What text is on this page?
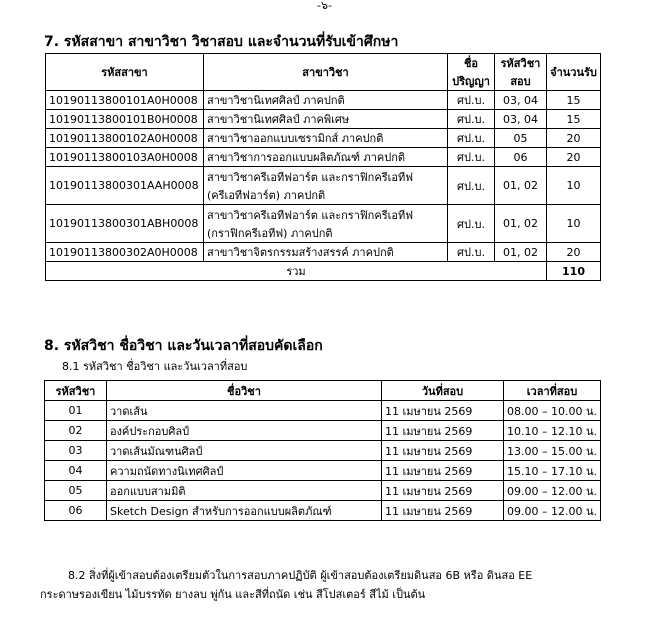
-๖-
7. รหัสสาขา สาขาวิชา วิชาสอบ และจำนวนที่รับเข้าศึกษา
รหัสสาขา	สาขาวิชา	ชื่อ ปริญญา	รหัสวิชา สอบ	จำนวนรับ
10190113800101A0H0008	สาขาวิชานิเทศศิลป์ ภาคปกติ	ศป.บ.	03, 04	15
10190113800101B0H0008	สาขาวิชานิเทศศิลป์ ภาคพิเศษ	ศป.บ.	03, 04	15
10190113800102A0H0008	สาขาวิชาออกแบบเซรามิกส์ ภาคปกติ	ศป.บ.	05	20
10190113800103A0H0008	สาขาวิชาการออกแบบผลิตภัณฑ์ ภาคปกติ	ศป.บ.	06	20
10190113800301AAH0008	สาขาวิชาครีเอทีฟอาร์ต และกราฟิกครีเอทีฟ (ครีเอทีฟอาร์ต) ภาคปกติ	ศป.บ.	01, 02	10
10190113800301ABH0008	สาขาวิชาครีเอทีฟอาร์ต และกราฟิกครีเอทีฟ (กราฟิกครีเอทีฟ) ภาคปกติ	ศป.บ.	01, 02	10
10190113800302A0H0008	สาขาวิชาจิตรกรรมสร้างสรรค์ ภาคปกติ	ศป.บ.	01, 02	20
รวม				110
8. รหัสวิชา ชื่อวิชา และวันเวลาที่สอบคัดเลือก
8.1 รหัสวิชา ชื่อวิชา และวันเวลาที่สอบ
รหัสวิชา	ชื่อวิชา	วันที่สอบ	เวลาที่สอบ
01	วาดเส้น	11 เมษายน 2569	08.00 – 10.00 น.
02	องค์ประกอบศิลป์	11 เมษายน 2569	10.10 – 12.10 น.
03	วาดเส้นมัณฑนศิลป์	11 เมษายน 2569	13.00 – 15.00 น.
04	ความถนัดทางนิเทศศิลป์	11 เมษายน 2569	15.10 – 17.10 น.
05	ออกแบบสามมิติ	11 เมษายน 2569	09.00 – 12.00 น.
06	Sketch Design สำหรับการออกแบบผลิตภัณฑ์	11 เมษายน 2569	09.00 – 12.00 น.

8.2 สิ่งที่ผู้เข้าสอบต้องเตรียมตัวในการสอบภาคปฏิบัติ ผู้เข้าสอบต้องเตรียมดินสอ 6B หรือ ดินสอ EE
กระดาษรองเขียน ไม้บรรทัด ยางลบ พู่กัน และสีที่ถนัด เช่น สีโปสเตอร์ สีไม้ เป็นต้น
